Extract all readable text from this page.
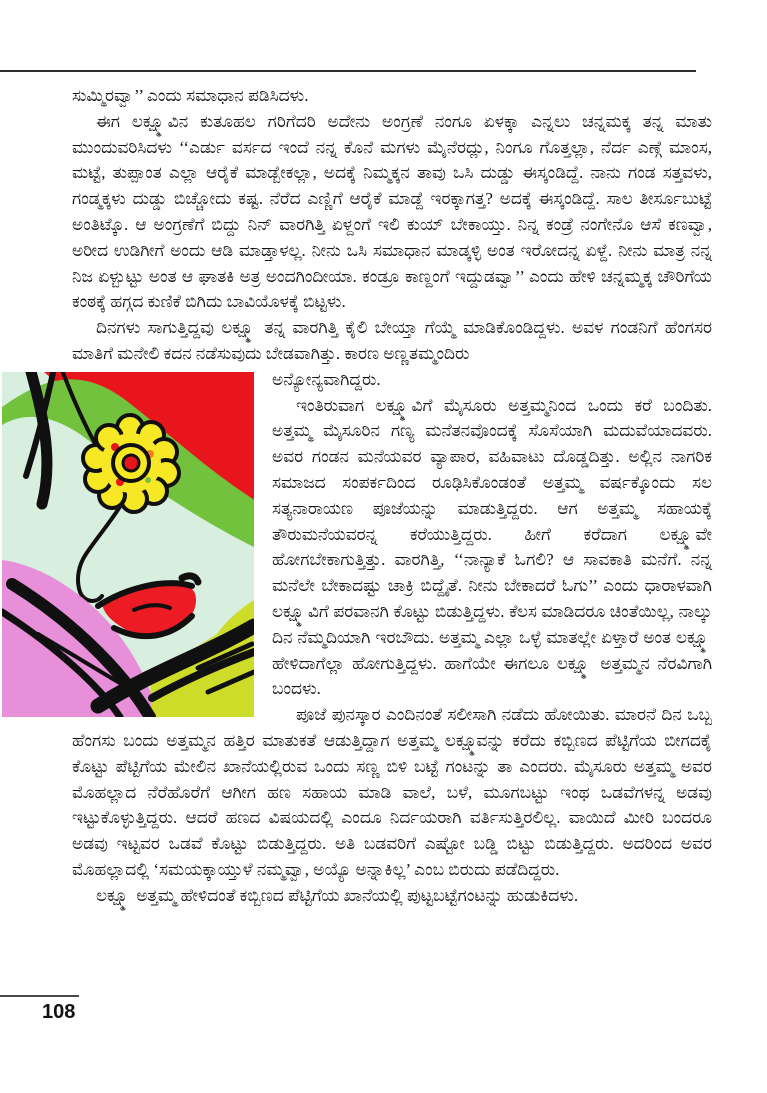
ಸುಮ್ಮಿರವ್ವಾ’’ ಎಂದು ಸಮಾಧಾನ ಪಡಿಸಿದಳು.

ಈಗ ಲಕ್ಷ್ಮೂವಿನ ಕುತೂಹಲ ಗರಿಗೆದರಿ ಅದೇನು ಅಂಗ್ರಣೆ ನಂಗೂ ಏಳಕ್ಕಾ ಎನ್ನಲು ಚನ್ನಮಕ್ಕ ತನ್ನ ಮಾತು ಮುಂದುವರಿಸಿದಳು ‘‘ಎರ್ಡು ವರ್ಸದ ಇಂದೆ ನನ್ನ ಕೊನೆ ಮಗಳು ಮೈನೆರದ್ಲು, ನಿಂಗೂ ಗೊತ್ತಲ್ಲಾ, ನೆರ್ದ ಎಣ್ಗೆ ಮಾಂಸ, ಮಟ್ಟೆ, ತುಪ್ಪಾಂತ ಎಲ್ಲಾ ಆರೈಕೆ ಮಾಡ್ಬೇಕಲ್ಲಾ, ಅದಕ್ಕೆ ನಿಮ್ಮಕ್ಕನ ತಾವು ಒಸಿ ದುಡ್ಡು ಈಸ್ಕಂಡಿದ್ದೆ. ನಾನು ಗಂಡ ಸತ್ತವಳು, ಗಂಡ್ಮಕ್ಕಳು ದುಡ್ಡು ಬಿಚ್ಚೋದು ಕಷ್ಟ. ನೆರೆದ ಎಣ್ಣಿಗೆ ಆರೈಕೆ ಮಾಡ್ದೆ ಇರಕ್ಕಾಗತ್ತ? ಅದಕ್ಕೆ ಈಸ್ಕಂಡಿದ್ದೆ. ಸಾಲ ತೀರ್ಸೂಬುಟ್ಟೆ ಅಂತಿಟ್ಕೊ. ಆ ಅಂಗ್ರಣೆಗೆ ಬಿದ್ದು ನಿನ್ ವಾರಗಿತ್ತಿ ಏಳ್ದಂಗೆ ಇಲಿ ಕುಯ್ ಬೇಕಾಯ್ತು. ನಿನ್ನ ಕಂಡ್ರೆ ನಂಗೇನೊ ಆಸೆ ಕಣವ್ವಾ, ಅರೀದ ಉಡಿಗೀಗೆ ಅಂದು ಆಡಿ ಮಾಡ್ತಾಳಲ್ಲ. ನೀನು ಒಸಿ ಸಮಾಧಾನ ಮಾಡ್ಕಳ್ಳಿ ಅಂತ ಇರೋದನ್ನ ಏಳ್ದೆ. ನೀನು ಮಾತ್ರ ನನ್ನ ನಿಜ ಏಳ್ಬುಟ್ಟು ಅಂತ ಆ ಘಾತಕಿ ಅತ್ರ ಅಂದಗಿಂದೀಯಾ. ಕಂಡ್ರೂ ಕಾಣ್ದಂಗೆ ಇದ್ದುಡವ್ವಾ’’ ಎಂದು ಹೇಳಿ ಚನ್ನಮ್ಮಕ್ಕ ಚೌರಿಗೆಯ ಕಂಠಕ್ಕೆ ಹಗ್ಗದ ಕುಣಿಕೆ ಬಿಗಿದು ಬಾವಿಯೊಳಕ್ಕೆ ಬಿಟ್ಟಳು.

ದಿನಗಳು ಸಾಗುತ್ತಿದ್ದವು ಲಕ್ಷ್ಮೂ ತನ್ನ ವಾರಗಿತ್ತಿ ಕೈಲಿ ಬೇಯ್ತಾ ಗೆಯ್ಮೆ ಮಾಡಿಕೊಂಡಿದ್ದಳು. ಅವಳ ಗಂಡನಿಗೆ ಹೆಂಗಸರ ಮಾತಿಗೆ ಮನೇಲಿ ಕದನ ನಡೆಸುವುದು ಬೇಡವಾಗಿತ್ತು. ಕಾರಣ ಅಣ್ಣತಮ್ಮಂದಿರು

ಅನ್ಯೋನ್ಯವಾಗಿದ್ದರು.

ಇಂತಿರುವಾಗ ಲಕ್ಷ್ಮೂವಿಗೆ ಮೈಸೂರು ಅತ್ತಮ್ಮನಿಂದ ಒಂದು ಕರೆ ಬಂದಿತು. ಅತ್ತಮ್ಮ ಮೈಸೂರಿನ ಗಣ್ಯ ಮನೆತನವೊಂದಕ್ಕೆ ಸೊಸೆಯಾಗಿ ಮದುವೆಯಾದವರು. ಅವರ ಗಂಡನ ಮನೆಯವರ ವ್ಯಾಪಾರ, ವಹಿವಾಟು ದೊಡ್ಡದಿತ್ತು. ಅಲ್ಲಿನ ನಾಗರಿಕ ಸಮಾಜದ ಸಂಪರ್ಕದಿಂದ ರೂಢಿಸಿಕೊಂಡಂತೆ ಅತ್ತಮ್ಮ ವರ್ಷಕ್ಕೊಂದು ಸಲ ಸತ್ಯನಾರಾಯಣ ಪೂಜೆಯನ್ನು ಮಾಡುತ್ತಿದ್ದರು. ಆಗ ಅತ್ತಮ್ಮ ಸಹಾಯಕ್ಕೆ ತೌರುಮನೆಯವರನ್ನ ಕರೆಯುತ್ತಿದ್ದರು. ಹೀಗೆ ಕರೆದಾಗ ಲಕ್ಷ್ಮೂವೇ ಹೋಗಬೇಕಾಗುತ್ತಿತ್ತು. ವಾರಗಿತ್ತಿ, ‘‘ನಾನ್ಯಾಕೆ ಓಗಲಿ? ಆ ಸಾವಕಾತಿ ಮನೆಗೆ. ನನ್ನ ಮನೆಲೇ ಬೇಕಾದಷ್ಟು ಚಾಕ್ರಿ ಬಿದ್ದೈತೆ. ನೀನು ಬೇಕಾದರೆ ಓಗು’’ ಎಂದು ಧಾರಾಳವಾಗಿ ಲಕ್ಷ್ಮೂವಿಗೆ ಪರವಾನಗಿ ಕೊಟ್ಟು ಬಿಡುತ್ತಿದ್ದಳು. ಕೆಲಸ ಮಾಡಿದರೂ ಚಿಂತೆಯಿಲ್ಲ, ನಾಲ್ಕು ದಿನ ನೆಮ್ಮದಿಯಾಗಿ ಇರಬೌದು. ಅತ್ತಮ್ಮ ಎಲ್ಲಾ ಒಳ್ಳೆ ಮಾತಲ್ಲೇ ಏಳ್ತಾರೆ ಅಂತ ಲಕ್ಷ್ಮೂ ಹೇಳಿದಾಗೆಲ್ಲಾ ಹೋಗುತ್ತಿದ್ದಳು. ಹಾಗೆಯೇ ಈಗಲೂ ಲಕ್ಷ್ಮೂ ಅತ್ತಮ್ಮನ ನೆರವಿಗಾಗಿ ಬಂದಳು.

ಪೂಜೆ ಪುನಸ್ಕಾರ ಎಂದಿನಂತೆ ಸಲೀಸಾಗಿ ನಡೆದು ಹೋಯಿತು. ಮಾರನೆ ದಿನ ಒಬ್ಬ ಹೆಂಗಸು ಬಂದು ಅತ್ತಮ್ಮನ ಹತ್ತಿರ ಮಾತುಕತೆ ಆಡುತ್ತಿದ್ದಾಗ ಅತ್ತಮ್ಮ ಲಕ್ಷ್ಮೂವನ್ನು ಕರೆದು ಕಬ್ಬಿಣದ ಪೆಟ್ಟಿಗೆಯ ಬೀಗದಕೈ ಕೊಟ್ಟು ಪೆಟ್ಟಿಗೆಯ ಮೇಲಿನ ಖಾನೆಯಲ್ಲಿರುವ ಒಂದು ಸಣ್ಣ ಬಿಳಿ ಬಟ್ಟೆ ಗಂಟನ್ನು ತಾ ಎಂದರು. ಮೈಸೂರು ಅತ್ತಮ್ಮ ಅವರ ಮೊಹಲ್ಲಾದ ನೆರೆಹೊರೆಗೆ ಆಗೀಗ ಹಣ ಸಹಾಯ ಮಾಡಿ ವಾಲೆ, ಬಳೆ, ಮೂಗಬಟ್ಟು ಇಂಥ ಒಡವೆಗಳನ್ನ ಅಡವು ಇಟ್ಟುಕೊಳ್ಳುತ್ತಿದ್ದರು. ಆದರೆ ಹಣದ ವಿಷಯದಲ್ಲಿ ಎಂದೂ ನಿರ್ದಯರಾಗಿ ವರ್ತಿಸುತ್ತಿರಲಿಲ್ಲ. ವಾಯಿದೆ ಮೀರಿ ಬಂದರೂ ಅಡವು ಇಟ್ಟವರ ಒಡವೆ ಕೊಟ್ಟು ಬಿಡುತ್ತಿದ್ದರು. ಅತಿ ಬಡವರಿಗೆ ಎಷ್ಟೋ ಬಡ್ಡಿ ಬಿಟ್ಟು ಬಿಡುತ್ತಿದ್ದರು. ಅದರಿಂದ ಅವರ ಮೊಹಲ್ಲಾದಲ್ಲಿ ‘ಸಮಯಕ್ಕಾಯ್ತುಳೆ ನಮ್ಮವ್ವಾ, ಅಯ್ಯೊ ಅನ್ನಾಕಿಲ್ಲ’ ಎಂಬ ಬಿರುದು ಪಡೆದಿದ್ದರು.

ಲಕ್ಷ್ಮೂ ಅತ್ತಮ್ಮ ಹೇಳಿದಂತೆ ಕಬ್ಬಿಣದ ಪೆಟ್ಟಿಗೆಯ ಖಾನೆಯಲ್ಲಿ ಪುಟ್ಟಬಟ್ಟೆಗಂಟನ್ನು ಹುಡುಕಿದಳು.

108
